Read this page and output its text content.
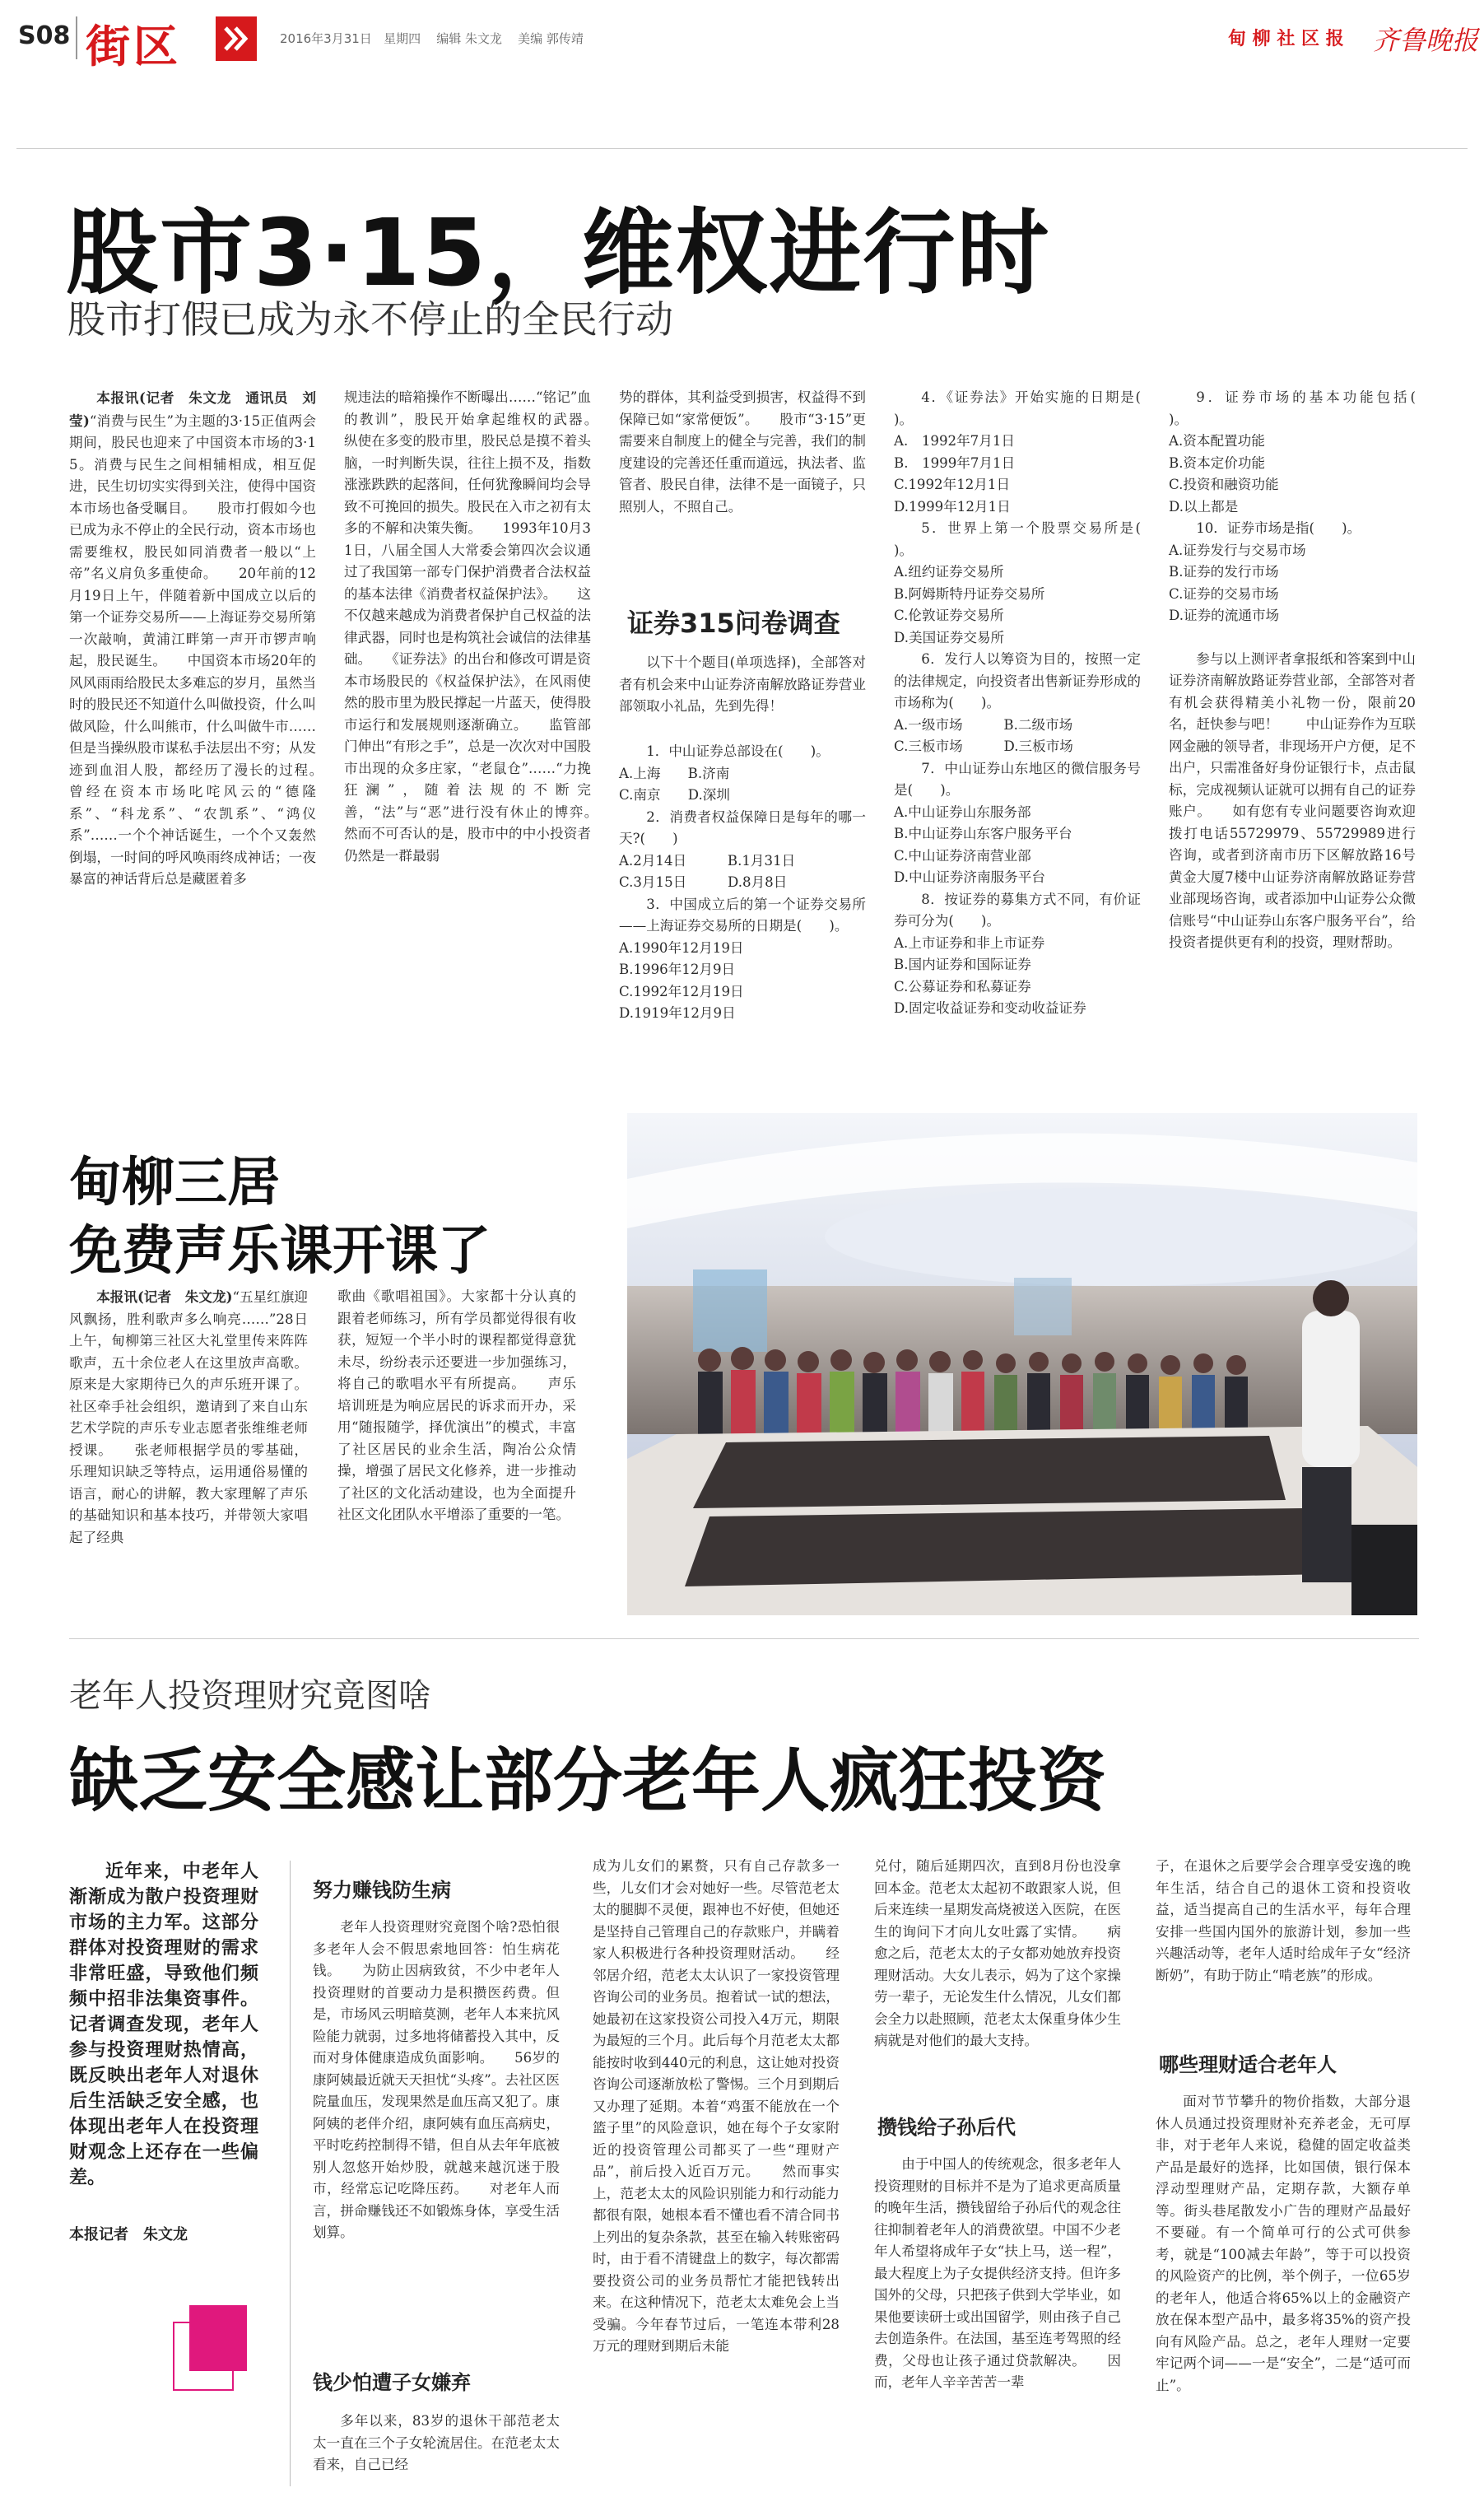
S08 街区	2016年3月31日 星期四 编辑 朱文龙 美编 郭传靖	甸 柳 社 区 报 齐鲁晚报
股市3·15，维权进行时
股市打假已成为永不停止的全民行动
本报讯(记者　朱文龙　通讯员　刘莹)“消费与民生”为主题的3·15正值两会期间，股民也迎来了中国资本市场的3·15。消费与民生之间相辅相成，相互促进，民生切切实实得到关注，使得中国资本市场也备受瞩目。　　股市打假如今也已成为永不停止的全民行动，资本市场也需要维权，股民如同消费者一般以“上帝”名义肩负多重使命。　　20年前的12月19日上午，伴随着新中国成立以后的第一个证券交易所——上海证券交易所第一次敲响，黄浦江畔第一声开市锣声响起，股民诞生。　　中国资本市场20年的风风雨雨给股民太多难忘的岁月，虽然当时的股民还不知道什么叫做投资，什么叫做风险，什么叫熊市，什么叫做牛市……但是当操纵股市谋私手法层出不穷；从发迹到血泪人股，都经历了漫长的过程。　　曾经在资本市场叱咤风云的“德隆系”、“科龙系”、“农凯系”、“鸿仪系”……一个个神话诞生，一个个又轰然倒塌，一时间的呼风唤雨终成神话；一夜暴富的神话背后总是藏匿着多
规违法的暗箱操作不断曝出……“铭记”血的教训”，股民开始拿起维权的武器。　　纵使在多变的股市里，股民总是摸不着头脑，一时判断失误，往往上损不及，指数涨涨跌跌的起落间，任何犹豫瞬间均会导致不可挽回的损失。股民在入市之初有太多的不解和决策失衡。　　1993年10月31日，八届全国人大常委会第四次会议通过了我国第一部专门保护消费者合法权益的基本法律《消费者权益保护法》。　　这不仅越来越成为消费者保护自己权益的法律武器，同时也是构筑社会诚信的法律基础。　　《证券法》的出台和修改可谓是资本市场股民的《权益保护法》，在风雨使然的股市里为股民撑起一片蓝天，使得股市运行和发展规则逐渐确立。　　监管部门伸出“有形之手”，总是一次次对中国股市出现的众多庄家，“老鼠仓”……“力挽狂澜”，随着法规的不断完善，“法”与“恶”进行没有休止的博弈。　　然而不可否认的是，股市中的中小投资者仍然是一群最弱
势的群体，其利益受到损害，权益得不到保障已如“家常便饭”。　　股市“3·15”更需要来自制度上的健全与完善，我们的制度建设的完善还任重而道远，执法者、监管者、股民自律，法律不是一面镜子，只照别人，不照自己。
证券315问卷调查
以下十个题目(单项选择)，全部答对者有机会来中山证券济南解放路证券营业部领取小礼品，先到先得！

1．中山证券总部设在(　　)。

A.上海　　B.济南

C.南京　　D.深圳

2．消费者权益保障日是每年的哪一天?(　　)

A.2月14日　　　B.1月31日

C.3月15日　　　D.8月8日

3．中国成立后的第一个证券交易所——上海证券交易所的日期是(　　)。

A.1990年12月19日

B.1996年12月9日

C.1992年12月19日

D.1919年12月9日

4．《证券法》开始实施的日期是(　　)。

A.　1992年7月1日

B.　1999年7月1日

C.1992年12月1日

D.1999年12月1日

5．世界上第一个股票交易所是(　　)。

A.纽约证券交易所

B.阿姆斯特丹证券交易所

C.伦敦证券交易所

D.美国证券交易所

6．发行人以筹资为目的，按照一定的法律规定，向投资者出售新证券形成的市场称为(　　)。

A.一级市场　　　B.二级市场

C.三板市场　　　D.三板市场

7．中山证券山东地区的微信服务号是(　　)。

A.中山证券山东服务部

B.中山证券山东客户服务平台

C.中山证券济南营业部

D.中山证券济南服务平台

8．按证券的募集方式不同，有价证券可分为(　　)。

A.上市证券和非上市证券

B.国内证券和国际证券

C.公募证券和私募证券

D.固定收益证券和变动收益证券

9．证券市场的基本功能包括(　　)。

A.资本配置功能

B.资本定价功能

C.投资和融资功能

D.以上都是

10．证券市场是指(　　)。

A.证券发行与交易市场

B.证券的发行市场

C.证券的交易市场

D.证券的流通市场

参与以上测评者拿报纸和答案到中山证券济南解放路证券营业部，全部答对者有机会获得精美小礼物一份，限前20名，赶快参与吧！　　中山证券作为互联网金融的领导者，非现场开户方便，足不出户，只需准备好身份证银行卡，点击鼠标，完成视频认证就可以拥有自己的证券账户。　　如有您有专业问题要咨询欢迎拨打电话55729979、55729989进行咨询，或者到济南市历下区解放路16号黄金大厦7楼中山证券济南解放路证券营业部现场咨询，或者添加中山证券公众微信账号“中山证券山东客户服务平台”，给投资者提供更有利的投资，理财帮助。

甸柳三居
免费声乐课开课了
本报讯(记者　朱文龙)“五星红旗迎风飘扬，胜利歌声多么响亮……”28日上午，甸柳第三社区大礼堂里传来阵阵歌声，五十余位老人在这里放声高歌。原来是大家期待已久的声乐班开课了。社区牵手社会组织，邀请到了来自山东艺术学院的声乐专业志愿者张维维老师授课。　　张老师根据学员的零基础，乐理知识缺乏等特点，运用通俗易懂的语言，耐心的讲解，教大家理解了声乐的基础知识和基本技巧，并带领大家唱起了经典
歌曲《歌唱祖国》。大家都十分认真的跟着老师练习，所有学员都觉得很有收获，短短一个半小时的课程都觉得意犹未尽，纷纷表示还要进一步加强练习，将自己的歌唱水平有所提高。　　声乐培训班是为响应居民的诉求而开办，采用“随报随学，择优演出”的模式，丰富了社区居民的业余生活，陶冶公众情操，增强了居民文化修养，进一步推动了社区的文化活动建设，也为全面提升社区文化团队水平增添了重要的一笔。
老年人投资理财究竟图啥
缺乏安全感让部分老年人疯狂投资
近年来，中老年人渐渐成为散户投资理财市场的主力军。这部分群体对投资理财的需求非常旺盛，导致他们频频中招非法集资事件。记者调查发现，老年人参与投资理财热情高，既反映出老年人对退休后生活缺乏安全感，也体现出老年人在投资理财观念上还存在一些偏差。
本报记者　朱文龙
努力赚钱防生病
老年人投资理财究竟图个啥?恐怕很多老年人会不假思索地回答：怕生病花钱。　　为防止因病致贫，不少中老年人投资理财的首要动力是积攒医药费。但是，市场风云明暗莫测，老年人本来抗风险能力就弱，过多地将储蓄投入其中，反而对身体健康造成负面影响。　　56岁的康阿姨最近就天天担忧“头疼”。去社区医院量血压，发现果然是血压高又犯了。康阿姨的老伴介绍，康阿姨有血压高病史，平时吃药控制得不错，但自从去年年底被别人忽悠开始炒股，就越来越沉迷于股市，经常忘记吃降压药。　　对老年人而言，拼命赚钱还不如锻炼身体，享受生活划算。
钱少怕遭子女嫌弃
多年以来，83岁的退休干部范老太太一直在三个子女轮流居住。在范老太太看来，自己已经
成为儿女们的累赘，只有自己存款多一些，儿女们才会对她好一些。尽管范老太太的腿脚不灵便，跟神也不好使，但她还是坚持自己管理自己的存款账户，并瞒着家人积极进行各种投资理财活动。　　经邻居介绍，范老太太认识了一家投资管理咨询公司的业务员。抱着试一试的想法，她最初在这家投资公司投入4万元，期限为最短的三个月。此后每个月范老太太都能按时收到440元的利息，这让她对投资咨询公司逐渐放松了警惕。三个月到期后又办理了延期。本着“鸡蛋不能放在一个篮子里”的风险意识，她在每个子女家附近的投资管理公司都买了一些“理财产品”，前后投入近百万元。　　然而事实上，范老太太的风险识别能力和行动能力都很有限，她根本看不懂也看不清合同书上列出的复杂条款，甚至在输入转账密码时，由于看不清键盘上的数字，每次都需要投资公司的业务员帮忙才能把钱转出来。在这种情况下，范老太太难免会上当受骗。今年春节过后，一笔连本带利28万元的理财到期后未能
兑付，随后延期四次，直到8月份也没拿回本金。范老太太起初不敢跟家人说，但后来连续一星期发高烧被送入医院，在医生的询问下才向儿女吐露了实情。　　病愈之后，范老太太的子女都劝她放弃投资理财活动。大女儿表示，妈为了这个家操劳一辈子，无论发生什么情况，儿女们都会全力以赴照顾，范老太太保重身体少生病就是对他们的最大支持。
攒钱给子孙后代
由于中国人的传统观念，很多老年人投资理财的目标并不是为了追求更高质量的晚年生活，攒钱留给子孙后代的观念往往抑制着老年人的消费欲望。中国不少老年人希望将成年子女“扶上马，送一程”，最大程度上为子女提供经济支持。但许多国外的父母，只把孩子供到大学毕业，如果他要读研士或出国留学，则由孩子自己去创造条件。在法国，基至连考驾照的经费，父母也让孩子通过贷款解决。　　因而，老年人辛辛苦苦一辈
子，在退休之后要学会合理享受安逸的晚年生活，结合自己的退休工资和投资收益，适当提高自己的生活水平，每年合理安排一些国内国外的旅游计划，参加一些兴趣活动等，老年人适时给成年子女“经济断奶”，有助于防止“啃老族”的形成。
哪些理财适合老年人
面对节节攀升的物价指数，大部分退休人员通过投资理财补充养老金，无可厚非，对于老年人来说，稳健的固定收益类产品是最好的选择，比如国债，银行保本浮动型理财产品，定期存款，大额存单等。街头巷尾散发小广告的理财产品最好不要碰。有一个简单可行的公式可供参考，就是“100减去年龄”，等于可以投资的风险资产的比例，举个例子，一位65岁的老年人，他适合将65%以上的金融资产放在保本型产品中，最多将35%的资产投向有风险产品。总之，老年人理财一定要牢记两个词——一是“安全”，二是“适可而止”。
